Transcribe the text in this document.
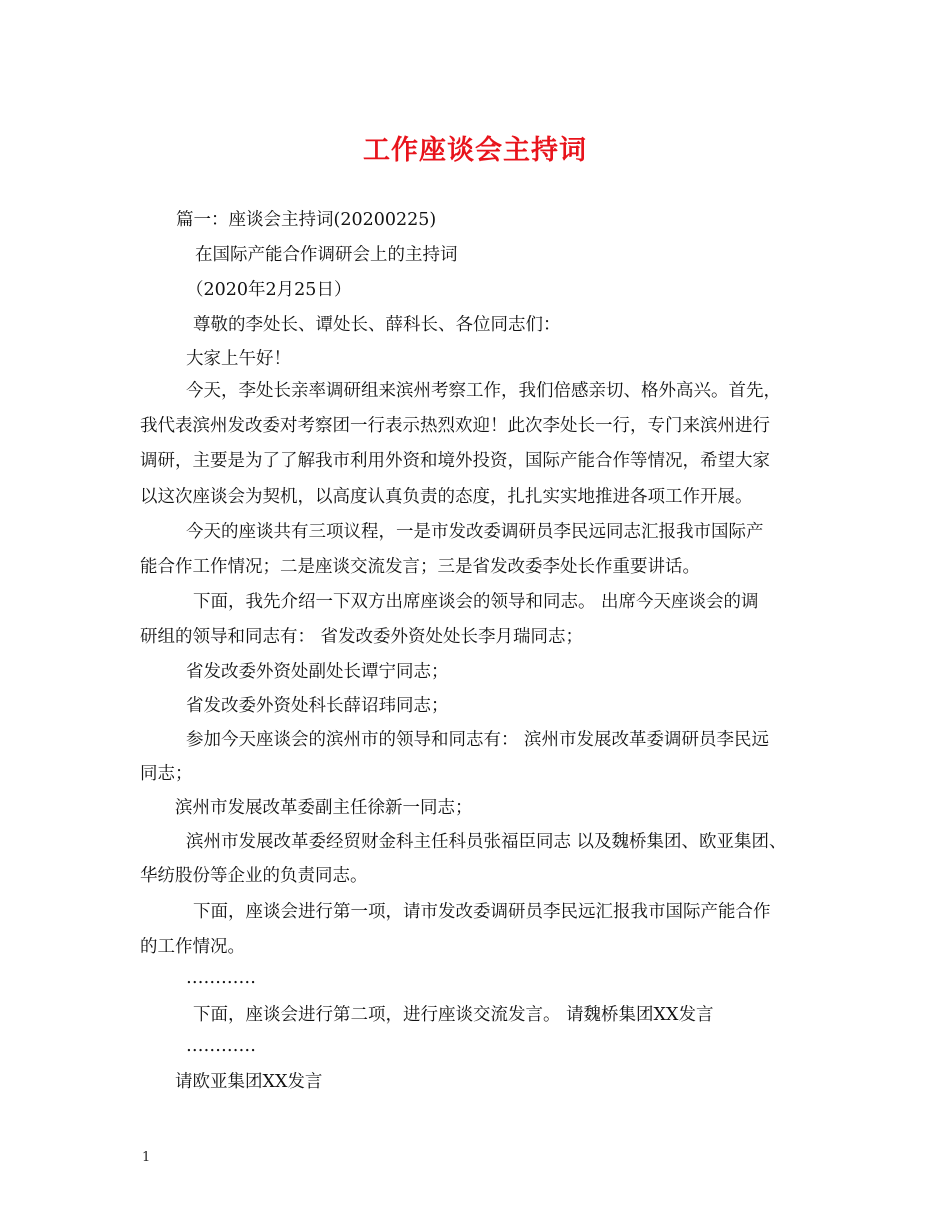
工作座谈会主持词
篇一：座谈会主持词(20200225)
在国际产能合作调研会上的主持词
（2020年2月25日）
尊敬的李处长、谭处长、薛科长、各位同志们：
大家上午好！
今天，李处长亲率调研组来滨州考察工作，我们倍感亲切、格外高兴。首先，
我代表滨州发改委对考察团一行表示热烈欢迎！此次李处长一行，专门来滨州进行
调研，主要是为了了解我市利用外资和境外投资，国际产能合作等情况，希望大家
以这次座谈会为契机，以高度认真负责的态度，扎扎实实地推进各项工作开展。
今天的座谈共有三项议程，一是市发改委调研员李民远同志汇报我市国际产
能合作工作情况；二是座谈交流发言；三是省发改委李处长作重要讲话。
下面，我先介绍一下双方出席座谈会的领导和同志。 出席今天座谈会的调
研组的领导和同志有： 省发改委外资处处长李月瑞同志；
省发改委外资处副处长谭宁同志；
省发改委外资处科长薛诏玮同志；
参加今天座谈会的滨州市的领导和同志有： 滨州市发展改革委调研员李民远
同志；
滨州市发展改革委副主任徐新一同志；
滨州市发展改革委经贸财金科主任科员张福臣同志 以及魏桥集团、欧亚集团、
华纺股份等企业的负责同志。
下面，座谈会进行第一项，请市发改委调研员李民远汇报我市国际产能合作
的工作情况。
…………
下面，座谈会进行第二项，进行座谈交流发言。 请魏桥集团XX发言
…………
请欧亚集团XX发言
1
